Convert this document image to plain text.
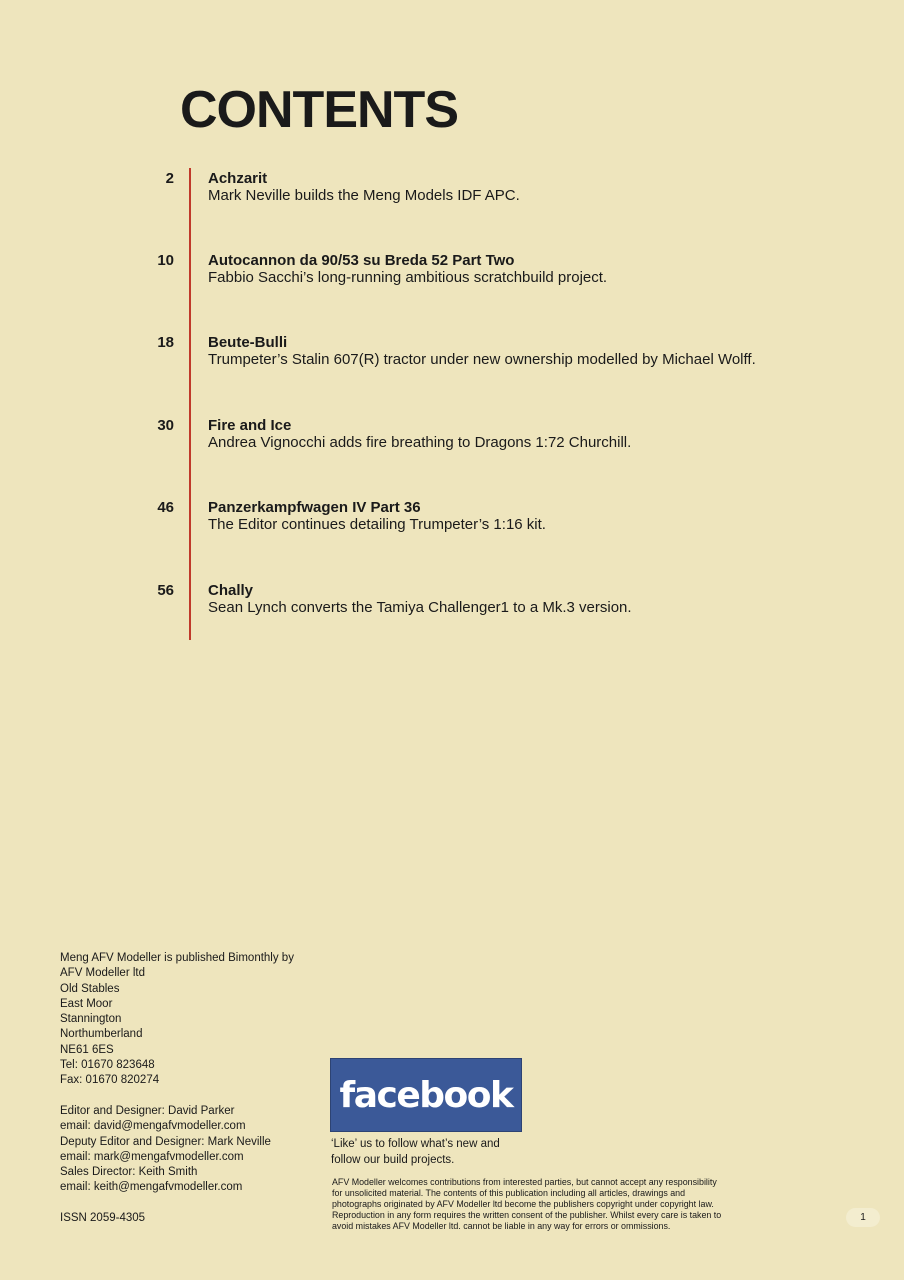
CONTENTS
2 Achzarit
Mark Neville builds the Meng Models IDF APC.
10 Autocannon da 90/53 su Breda 52 Part Two
Fabbio Sacchi’s long-running ambitious scratchbuild project.
18 Beute-Bulli
Trumpeter’s Stalin 607(R) tractor under new ownership modelled by Michael Wolff.
30 Fire and Ice
Andrea Vignocchi adds fire breathing to Dragons 1:72 Churchill.
46 Panzerkampfwagen IV Part 36
The Editor continues detailing Trumpeter’s 1:16 kit.
56 Chally
Sean Lynch converts the Tamiya Challenger1 to a Mk.3 version.
Meng AFV Modeller is published Bimonthly by
AFV Modeller ltd
Old Stables
East Moor
Stannington
Northumberland
NE61 6ES
Tel: 01670 823648
Fax: 01670 820274
Editor and Designer: David Parker
email: david@mengafvmodeller.com
Deputy Editor and Designer: Mark Neville
email: mark@mengafvmodeller.com
Sales Director: Keith Smith
email: keith@mengafvmodeller.com
ISSN 2059-4305
facebook
‘Like’ us to follow what’s new and
follow our build projects.
AFV Modeller welcomes contributions from interested parties, but cannot accept any responsibility
for unsolicited material. The contents of this publication including all articles, drawings and
photographs originated by AFV Modeller ltd become the publishers copyright under copyright law.
Reproduction in any form requires the written consent of the publisher. Whilst every care is taken to
avoid mistakes AFV Modeller ltd. cannot be liable in any way for errors or ommissions.
1
